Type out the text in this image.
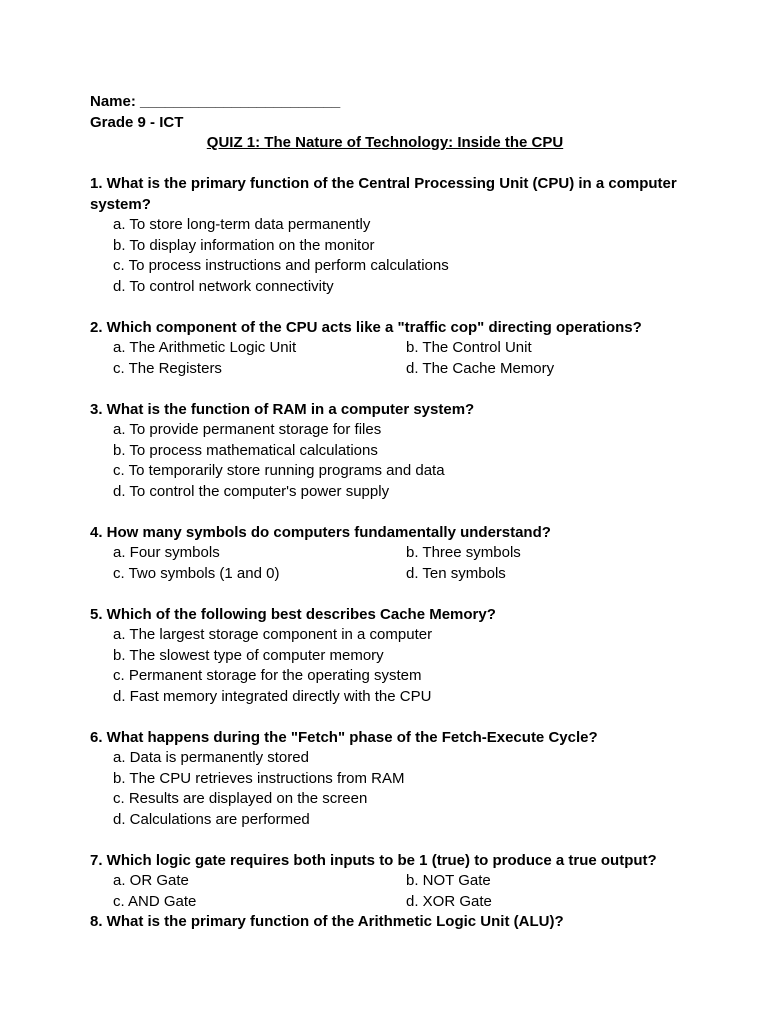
Name: ________________________
Grade 9 - ICT
QUIZ 1: The Nature of Technology: Inside the CPU
1. What is the primary function of the Central Processing Unit (CPU) in a computer system?
a. To store long-term data permanently
b. To display information on the monitor
c. To process instructions and perform calculations
d. To control network connectivity
2. Which component of the CPU acts like a "traffic cop" directing operations?
a. The Arithmetic Logic Unit	b. The Control Unit
c. The Registers	d. The Cache Memory
3. What is the function of RAM in a computer system?
a. To provide permanent storage for files
b. To process mathematical calculations
c. To temporarily store running programs and data
d. To control the computer's power supply
4. How many symbols do computers fundamentally understand?
a. Four symbols	b. Three symbols
c. Two symbols (1 and 0)	d. Ten symbols
5. Which of the following best describes Cache Memory?
a. The largest storage component in a computer
b. The slowest type of computer memory
c. Permanent storage for the operating system
d. Fast memory integrated directly with the CPU
6. What happens during the "Fetch" phase of the Fetch-Execute Cycle?
a. Data is permanently stored
b. The CPU retrieves instructions from RAM
c. Results are displayed on the screen
d. Calculations are performed
7. Which logic gate requires both inputs to be 1 (true) to produce a true output?
a. OR Gate	b. NOT Gate
c. AND Gate	d. XOR Gate
8. What is the primary function of the Arithmetic Logic Unit (ALU)?
